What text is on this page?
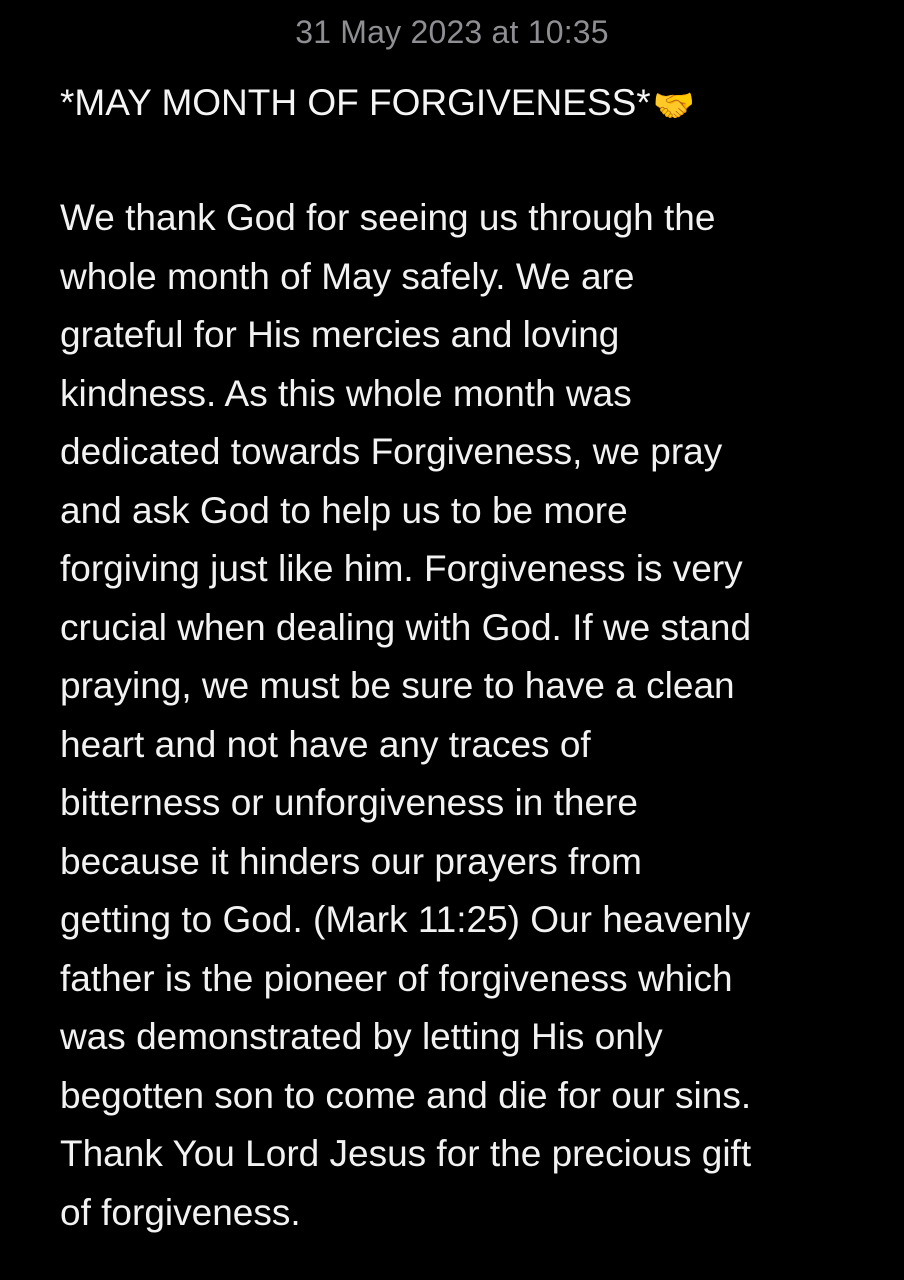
31 May 2023 at 10:35
*MAY MONTH OF FORGIVENESS*🤝
We thank God for seeing us through the
whole month of May safely. We are
grateful for His mercies and loving
kindness. As this whole month was
dedicated towards Forgiveness, we pray
and ask God to help us to be more
forgiving just like him. Forgiveness is very
crucial when dealing with God. If we stand
praying, we must be sure to have a clean
heart and not have any traces of
bitterness or unforgiveness in there
because it hinders our prayers from
getting to God. (Mark 11:25) Our heavenly
father is the pioneer of forgiveness which
was demonstrated by letting His only
begotten son to come and die for our sins.
Thank You Lord Jesus for the precious gift
of forgiveness.
